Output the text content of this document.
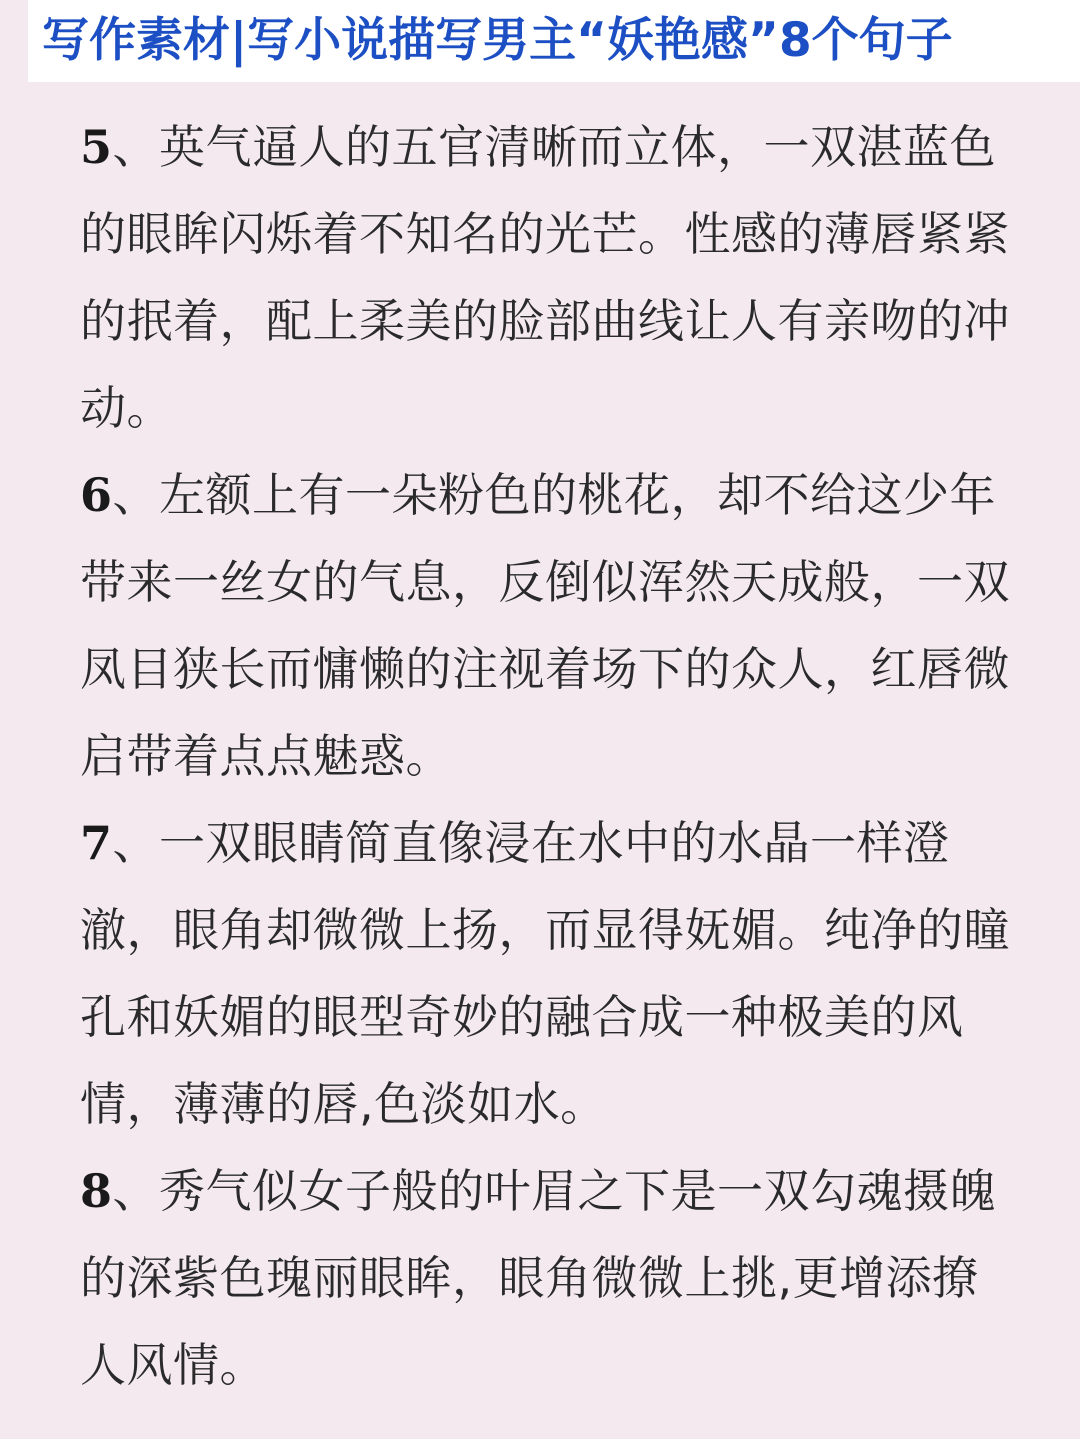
写作素材|写小说描写男主“妖艳感”8个句子

5、英气逼人的五官清晰而立体，一双湛蓝色的眼眸闪烁着不知名的光芒。性感的薄唇紧紧的抿着，配上柔美的脸部曲线让人有亲吻的冲动。

6、左额上有一朵粉色的桃花，却不给这少年带来一丝女的气息，反倒似浑然天成般，一双凤目狭长而慵懒的注视着场下的众人，红唇微启带着点点魅惑。

7、一双眼睛简直像浸在水中的水晶一样澄澈，眼角却微微上扬，而显得妩媚。纯净的瞳孔和妖媚的眼型奇妙的融合成一种极美的风情，薄薄的唇,色淡如水。

8、秀气似女子般的叶眉之下是一双勾魂摄魄的深紫色瑰丽眼眸，眼角微微上挑,更增添撩人风情。
